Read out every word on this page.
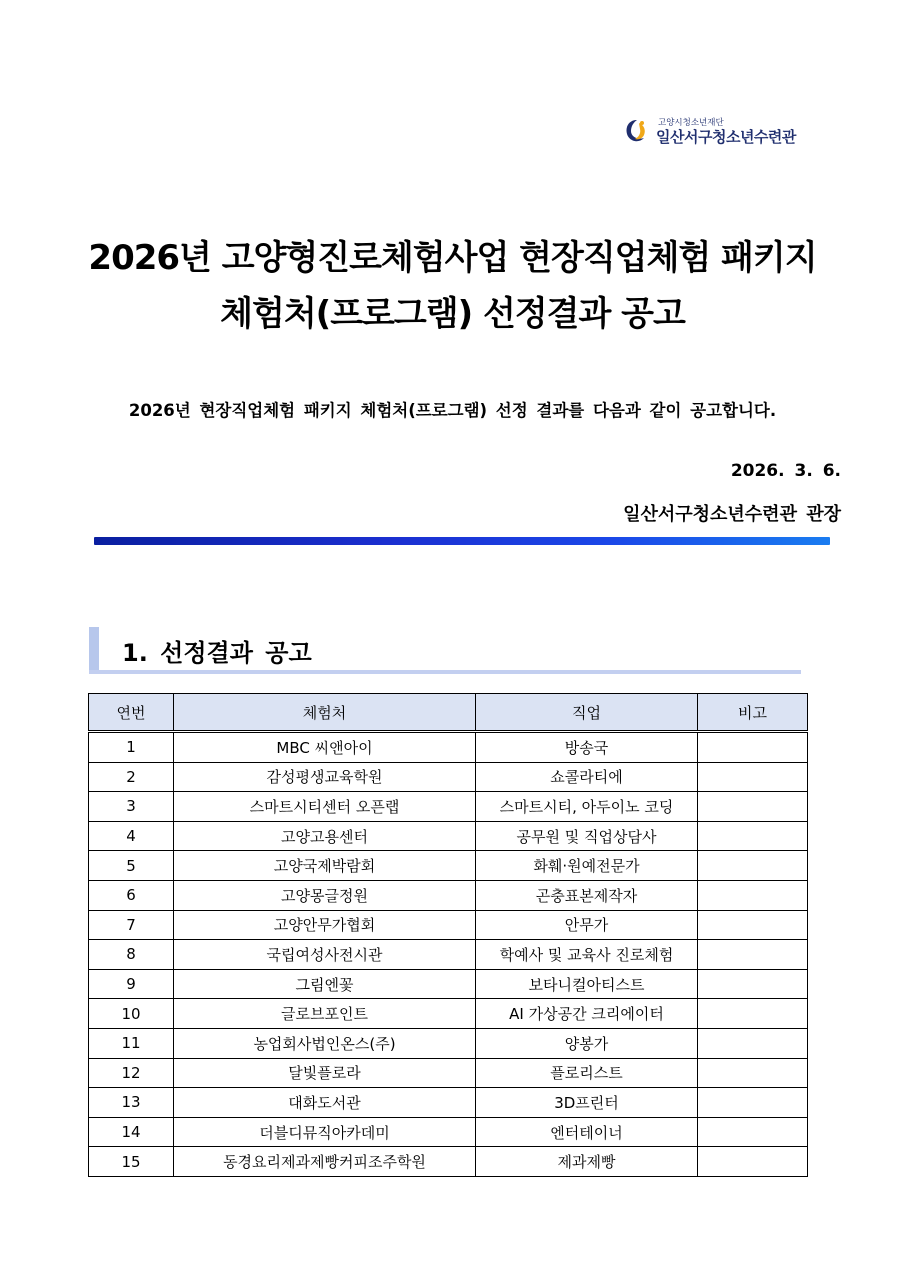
고양시청소년재단
일산서구청소년수련관
2026년 고양형진로체험사업 현장직업체험 패키지
체험처(프로그램) 선정결과 공고
2026년 현장직업체험 패키지 체험처(프로그램) 선정 결과를 다음과 같이 공고합니다.
2026. 3. 6.
일산서구청소년수련관 관장
1. 선정결과 공고
연번	체험처	직업	비고
1	MBC 씨앤아이	방송국	
2	감성평생교육학원	쇼콜라티에	
3	스마트시티센터 오픈랩	스마트시티, 아두이노 코딩	
4	고양고용센터	공무원 및 직업상담사	
5	고양국제박람회	화훼·원예전문가	
6	고양몽글정원	곤충표본제작자	
7	고양안무가협회	안무가	
8	국립여성사전시관	학예사 및 교육사 진로체험	
9	그림엔꽃	보타니컬아티스트	
10	글로브포인트	AI 가상공간 크리에이터	
11	농업회사법인온스(주)	양봉가	
12	달빛플로라	플로리스트	
13	대화도서관	3D프린터	
14	더블디뮤직아카데미	엔터테이너	
15	동경요리제과제빵커피조주학원	제과제빵	
